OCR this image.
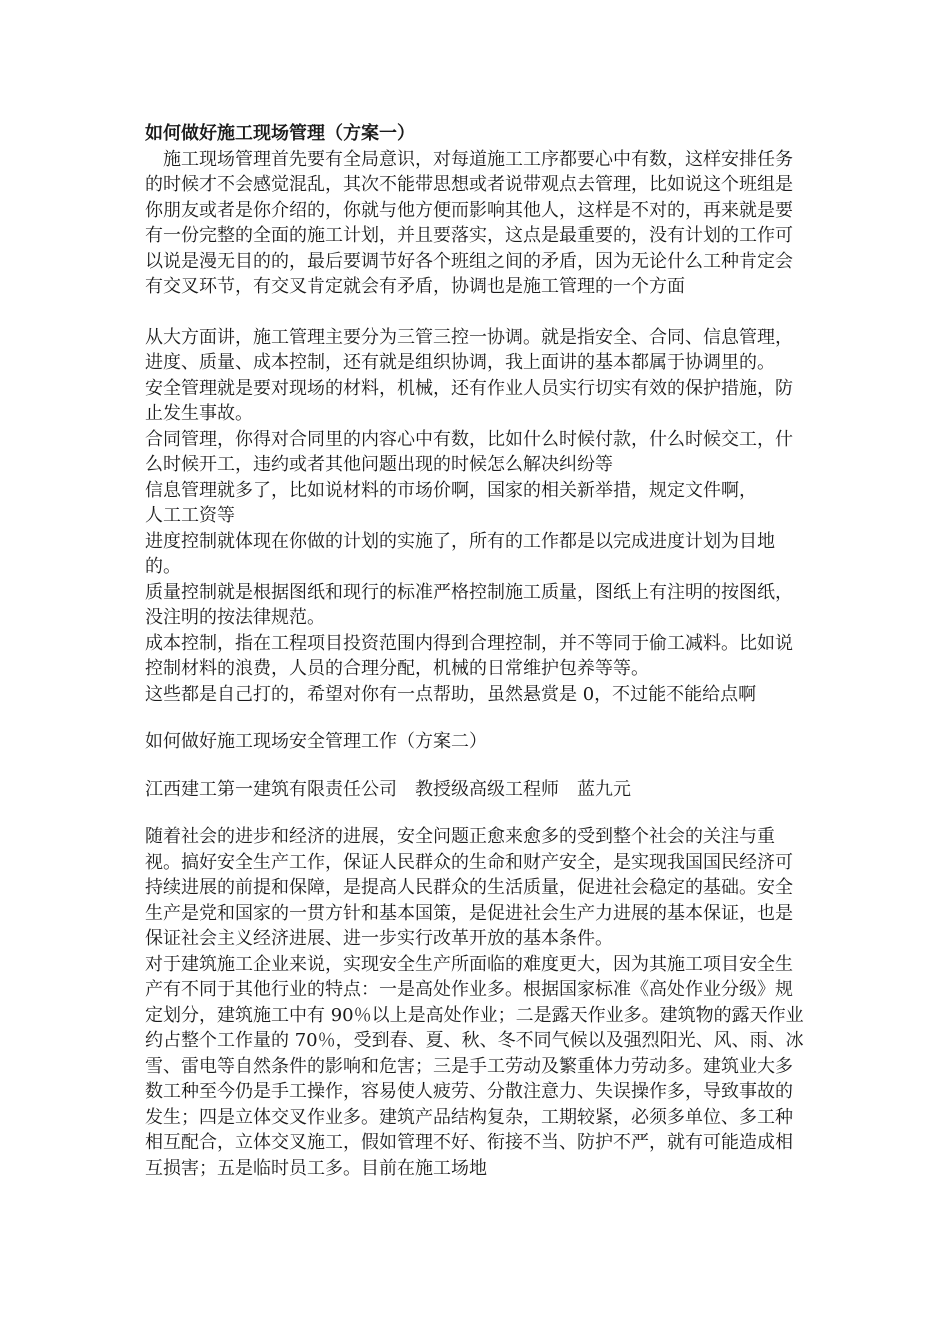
如何做好施工现场管理（方案一）

施工现场管理首先要有全局意识，对每道施工工序都要心中有数，这样安排任务的时候才不会感觉混乱，其次不能带思想或者说带观点去管理，比如说这个班组是你朋友或者是你介绍的，你就与他方便而影响其他人，这样是不对的，再来就是要有一份完整的全面的施工计划，并且要落实，这点是最重要的，没有计划的工作可以说是漫无目的的，最后要调节好各个班组之间的矛盾，因为无论什么工种肯定会有交叉环节，有交叉肯定就会有矛盾，协调也是施工管理的一个方面

从大方面讲，施工管理主要分为三管三控一协调。就是指安全、合同、信息管理，进度、质量、成本控制，还有就是组织协调，我上面讲的基本都属于协调里的。

安全管理就是要对现场的材料，机械，还有作业人员实行切实有效的保护措施，防止发生事故。

合同管理，你得对合同里的内容心中有数，比如什么时候付款，什么时候交工，什么时候开工，违约或者其他问题出现的时候怎么解决纠纷等

信息管理就多了，比如说材料的市场价啊，国家的相关新举措，规定文件啊，

人工工资等

进度控制就体现在你做的计划的实施了，所有的工作都是以完成进度计划为目地的。

质量控制就是根据图纸和现行的标准严格控制施工质量，图纸上有注明的按图纸，没注明的按法律规范。

成本控制，指在工程项目投资范围内得到合理控制，并不等同于偷工减料。比如说控制材料的浪费，人员的合理分配，机械的日常维护包养等等。

这些都是自己打的，希望对你有一点帮助，虽然悬赏是 0，不过能不能给点啊

如何做好施工现场安全管理工作（方案二）

江西建工第一建筑有限责任公司　教授级高级工程师　蓝九元

随着社会的进步和经济的进展，安全问题正愈来愈多的受到整个社会的关注与重视。搞好安全生产工作，保证人民群众的生命和财产安全，是实现我国国民经济可持续进展的前提和保障，是提高人民群众的生活质量，促进社会稳定的基础。安全生产是党和国家的一贯方针和基本国策，是促进社会生产力进展的基本保证，也是保证社会主义经济进展、进一步实行改革开放的基本条件。

对于建筑施工企业来说，实现安全生产所面临的难度更大，因为其施工项目安全生产有不同于其他行业的特点：一是高处作业多。根据国家标准《高处作业分级》规定划分，建筑施工中有 90％以上是高处作业；二是露天作业多。建筑物的露天作业约占整个工作量的 70％，受到春、夏、秋、冬不同气候以及强烈阳光、风、雨、冰雪、雷电等自然条件的影响和危害；三是手工劳动及繁重体力劳动多。建筑业大多数工种至今仍是手工操作，容易使人疲劳、分散注意力、失误操作多，导致事故的发生；四是立体交叉作业多。建筑产品结构复杂，工期较紧，必须多单位、多工种相互配合，立体交叉施工，假如管理不好、衔接不当、防护不严，就有可能造成相互损害；五是临时员工多。目前在施工场地
